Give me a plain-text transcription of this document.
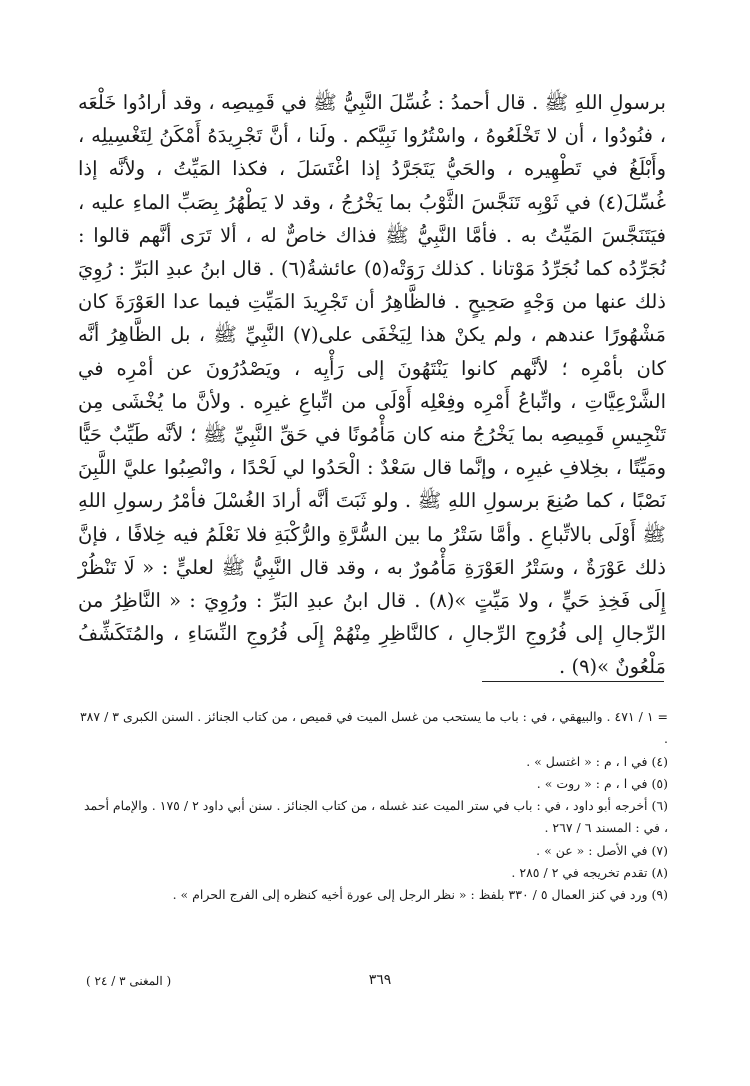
برسولِ اللهِ ﷺ . قال أحمدُ : غُسِّلَ النَّبِيُّ ﷺ في قَمِيصِه ، وقد أرادُوا خَلْعَه ، فنُودُوا ، أن لا تَخْلَعُوهُ ، واسْتُرُوا نَبِيَّكم . ولَنا ، أنَّ تَجْرِيدَهُ أَمْكَنُ لِتَغْسِيلِه ، وأَبْلَغُ في تَطْهِيره ، والحَيُّ يَتَجَرَّدُ إذا اغْتَسَلَ ، فكذا المَيِّتُ ، ولأنَّه إذا غُسِّلَ(٤) في ثَوْبِه تَنَجَّسَ الثَّوْبُ بما يَخْرُجُ ، وقد لا يَطْهُرُ بِصَبِّ الماءِ عليه ، فيَتَنَجَّسَ المَيِّتُ به . فأمَّا النَّبِيُّ ﷺ فذاك خاصٌّ له ، ألا تَرَى أنَّهم قالوا : نُجَرِّدُه كما نُجَرِّدُ مَوْتانا . كذلك رَوَتْه(٥) عائشةُ(٦) . قال ابنُ عبدِ البَرِّ : رُوِيَ ذلك عنها من وَجْهٍ صَحِيحٍ . فالظَّاهِرُ أن تَجْرِيدَ المَيِّتِ فيما عدا العَوْرَةَ كان مَشْهُورًا عندهم ، ولم يكنْ هذا لِيَخْفَى على(٧) النَّبِيِّ ﷺ ، بل الظَّاهِرُ أنَّه كان بأمْرِه ؛ لأنَّهم كانوا يَنْتَهُونَ إلى رَأْيِه ، ويَصْدُرُونَ عن أمْرِه في الشَّرْعِيَّاتِ ، واتِّباعُ أَمْرِه وفِعْلِه أَوْلَى من اتِّباعِ غيرِه . ولأنَّ ما يُخْشَى مِن تَنْجِيسِ قَمِيصِه بما يَخْرُجُ منه كان مَأْمُونًا في حَقِّ النَّبِيِّ ﷺ ؛ لأنَّه طَيِّبٌ حَيًّا ومَيِّتًا ، بخِلافِ غيرِه ، وإنَّما قال سَعْدٌ : الْحَدُوا لي لَحْدًا ، وانْصِبُوا عليَّ اللَّبِنَ نَصْبًا ، كما صُنِعَ برسولِ اللهِ ﷺ . ولو ثَبَتَ أنَّه أرادَ الغُسْلَ فأمْرُ رسولِ اللهِ ﷺ أَوْلَى بالاتِّباعِ . وأمَّا سَتْرُ ما بين السُّرَّةِ والرُّكْبَةِ فلا نَعْلَمُ فيه خِلافًا ، فإنَّ ذلك عَوْرَةٌ ، وسَتْرُ العَوْرَةِ مَأْمُورٌ به ، وقد قال النَّبِيُّ ﷺ لعليٍّ : « لَا تَنْظُرْ إِلَى فَخِذِ حَيٍّ ، ولا مَيِّتٍ »(٨) . قال ابنُ عبدِ البَرِّ : ورُوِيَ : « النَّاظِرُ من الرِّجالِ إلى فُرُوجِ الرِّجالِ ، كالنَّاظِرِ مِنْهُمْ إِلَى فُرُوجِ النِّسَاءِ ، والمُتَكَشِّفُ مَلْعُونٌ »(٩) .

= ١ / ٤٧١ . والبيهقي ، في : باب ما يستحب من غسل الميت في قميص ، من كتاب الجنائز . السنن الكبرى ٣ / ٣٨٧ .

(٤) في ا ، م : « اغتسل » .

(٥) في ا ، م : « روت » .

(٦) أخرجه أبو داود ، في : باب في ستر الميت عند غسله ، من كتاب الجنائز . سنن أبي داود ٢ / ١٧٥ . والإمام أحمد ، في : المسند ٦ / ٢٦٧ .

(٧) في الأصل : « عن » .

(٨) تقدم تخريجه في ٢ / ٢٨٥ .

(٩) ورد في كنز العمال ٥ / ٣٣٠ بلفظ : « نظر الرجل إلى عورة أخيه كنظره إلى الفرج الحرام » .

٣٦٩
( المغنى ٣ / ٢٤ )
